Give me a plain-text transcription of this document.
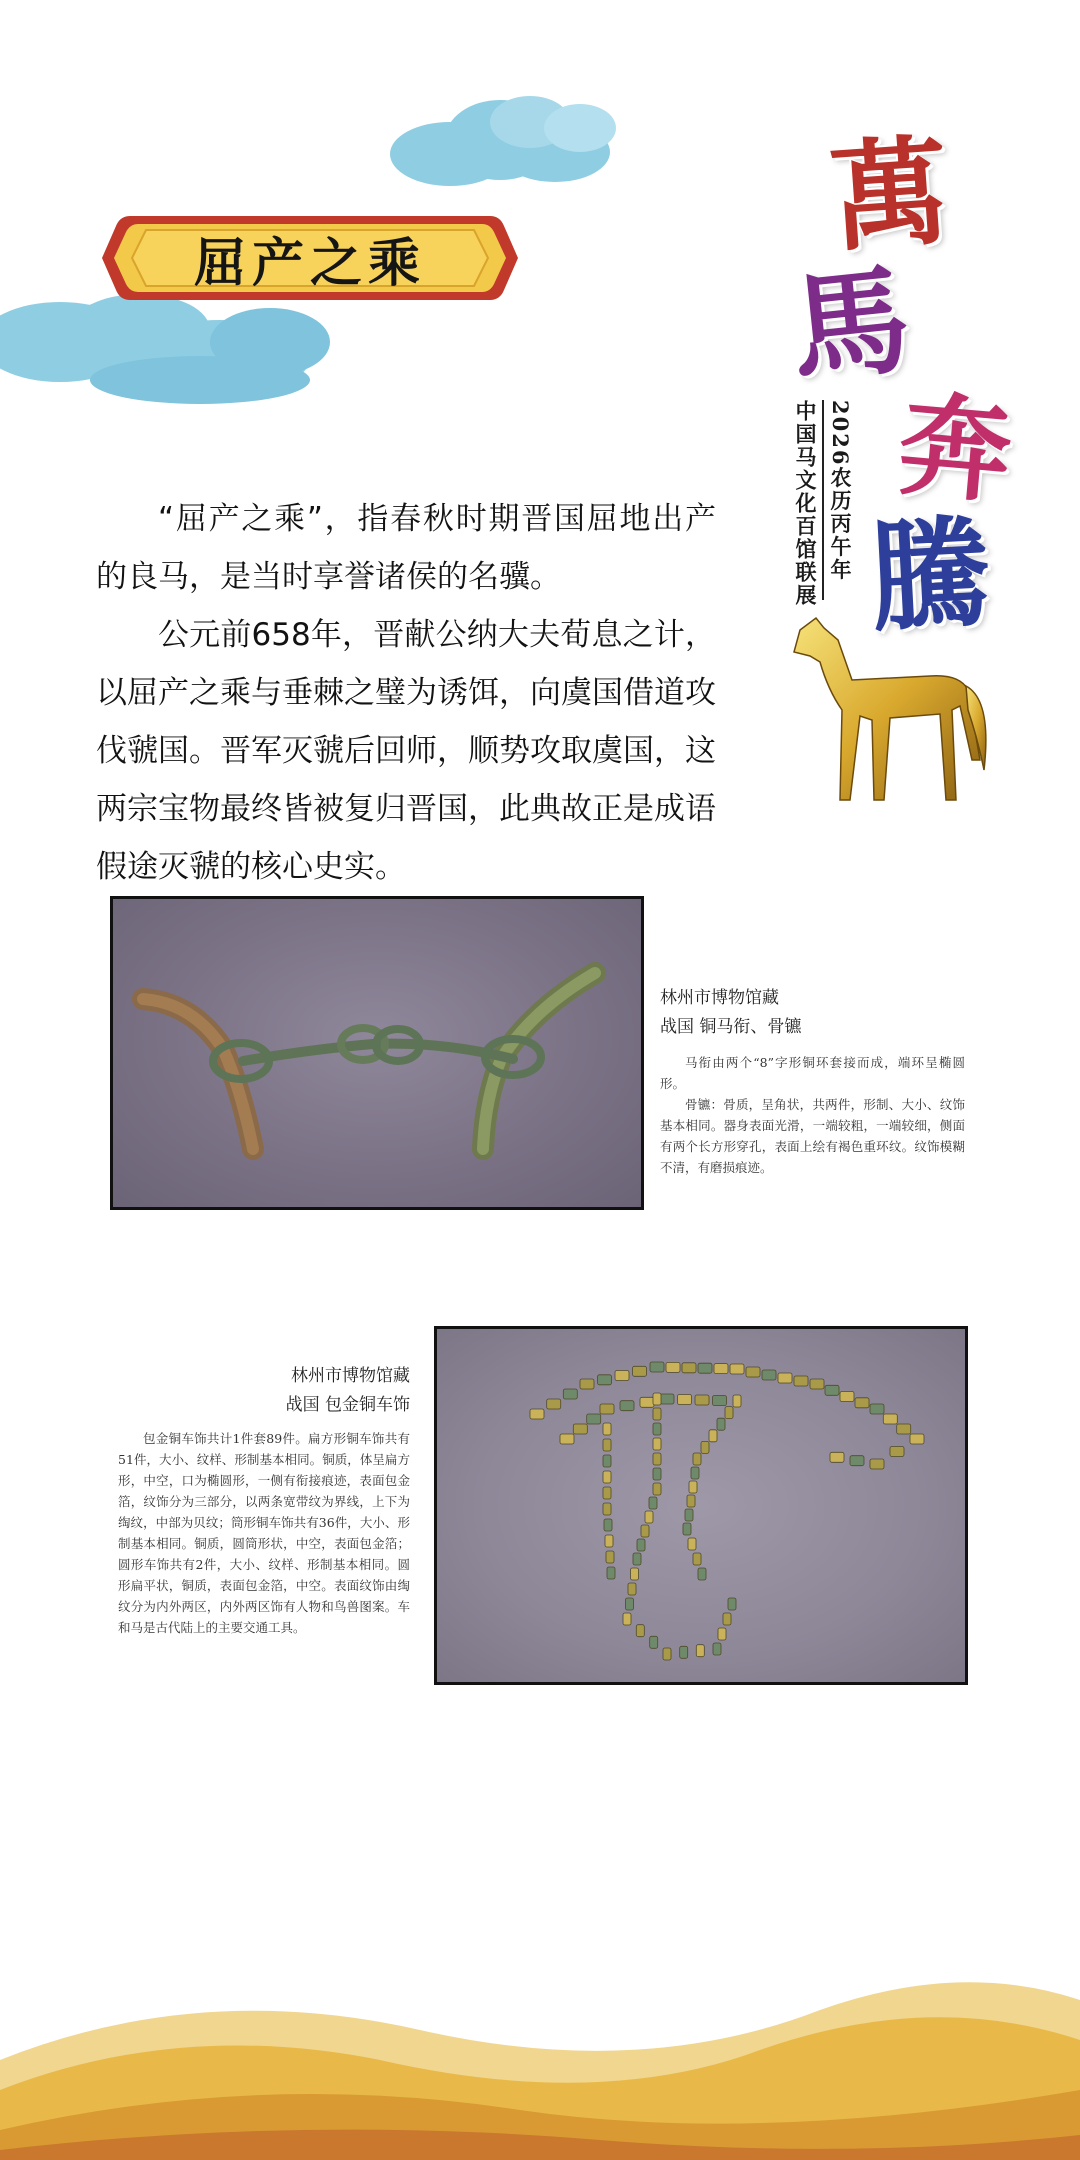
屈产之乘	萬
馬
奔
騰
2026农历丙午年
中国马文化百馆联展

“屈产之乘”，指春秋时期晋国屈地出产的良马，是当时享誉诸侯的名骥。

公元前658年，晋献公纳大夫荀息之计，以屈产之乘与垂棘之璧为诱饵，向虞国借道攻伐虢国。晋军灭虢后回师，顺势攻取虞国，这两宗宝物最终皆被复归晋国，此典故正是成语假途灭虢的核心史实。

林州市博物馆藏
战国 铜马衔、骨镳

马衔由两个“8”字形铜环套接而成，端环呈椭圆形。

骨镳：骨质，呈角状，共两件，形制、大小、纹饰基本相同。器身表面光滑，一端较粗，一端较细，侧面有两个长方形穿孔，表面上绘有褐色重环纹。纹饰模糊不清，有磨损痕迹。

林州市博物馆藏
战国 包金铜车饰

包金铜车饰共计1件套89件。扁方形铜车饰共有51件，大小、纹样、形制基本相同。铜质，体呈扁方形，中空，口为椭圆形，一侧有衔接痕迹，表面包金箔，纹饰分为三部分，以两条宽带纹为界线，上下为绹纹，中部为贝纹；筒形铜车饰共有36件，大小、形制基本相同。铜质，圆筒形状，中空，表面包金箔；圆形车饰共有2件，大小、纹样、形制基本相同。圆形扁平状，铜质，表面包金箔，中空。表面纹饰由绹纹分为内外两区，内外两区饰有人物和鸟兽图案。车和马是古代陆上的主要交通工具。
